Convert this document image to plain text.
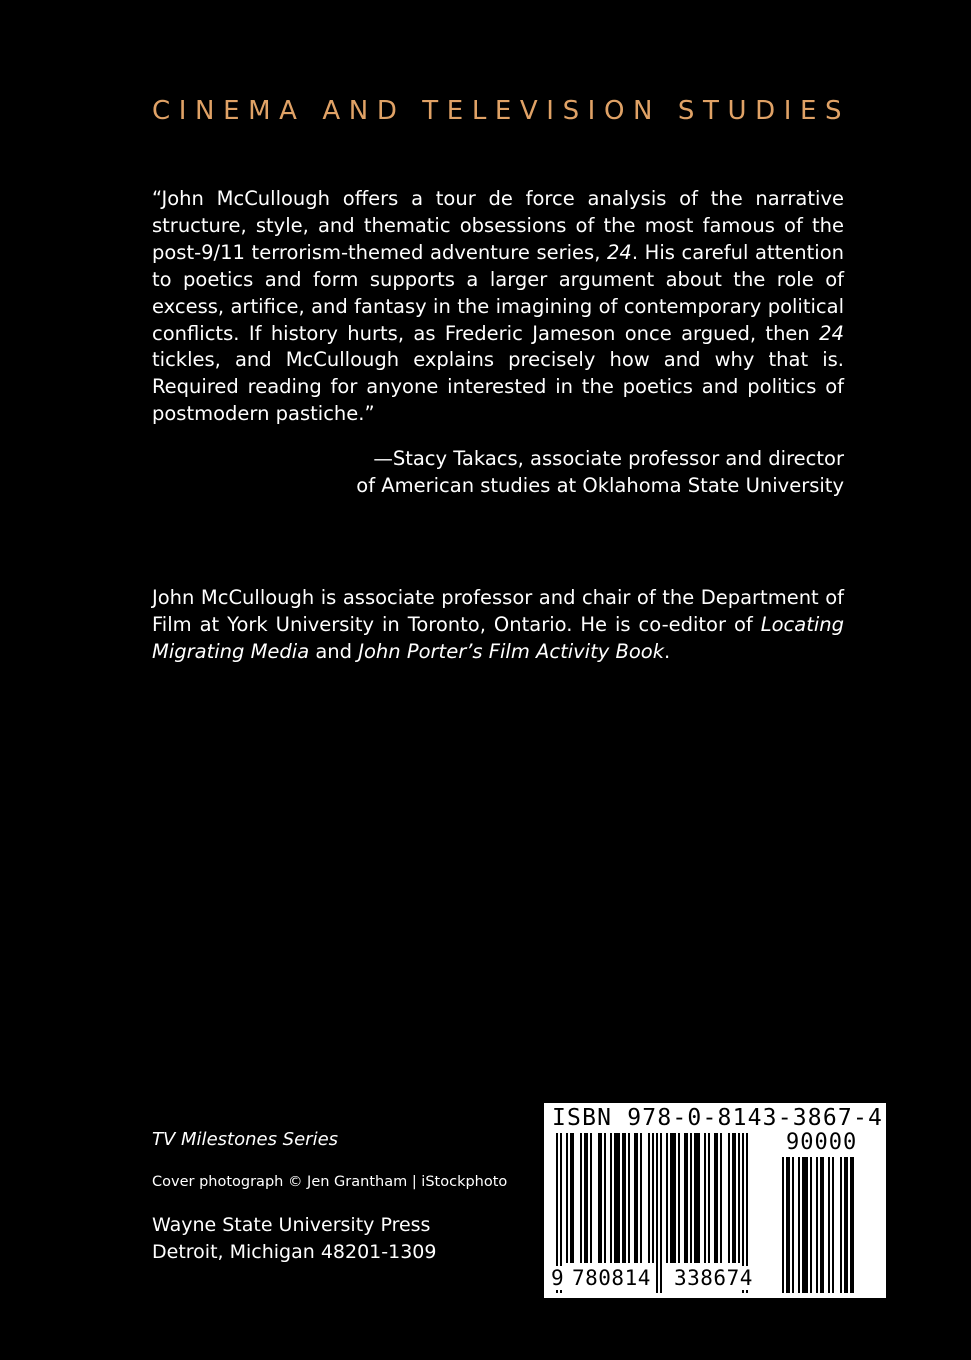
CINEMA AND TELEVISION STUDIES

“John McCullough offers a tour de force analysis of the narrative structure, style, and thematic obsessions of the most famous of the post-9/11 terrorism-themed adventure series, 24. His careful attention to poetics and form supports a larger argument about the role of excess, artifice, and fantasy in the imagining of contemporary political conflicts. If history hurts, as Frederic Jameson once argued, then 24 tickles, and McCullough explains precisely how and why that is. Required reading for anyone interested in the poetics and politics of postmodern pastiche.”

—Stacy Takacs, associate professor and director
of American studies at Oklahoma State University

John McCullough is associate professor and chair of the Department of Film at York University in Toronto, Ontario. He is co-editor of Locating Migrating Media and John Porter’s Film Activity Book.

TV Milestones Series
Cover photograph © Jen Grantham | iStockphoto
Wayne State University Press
Detroit, Michigan 48201-1309
ISBN 978-0-8143-3867-4
90000
9 780814 338674
